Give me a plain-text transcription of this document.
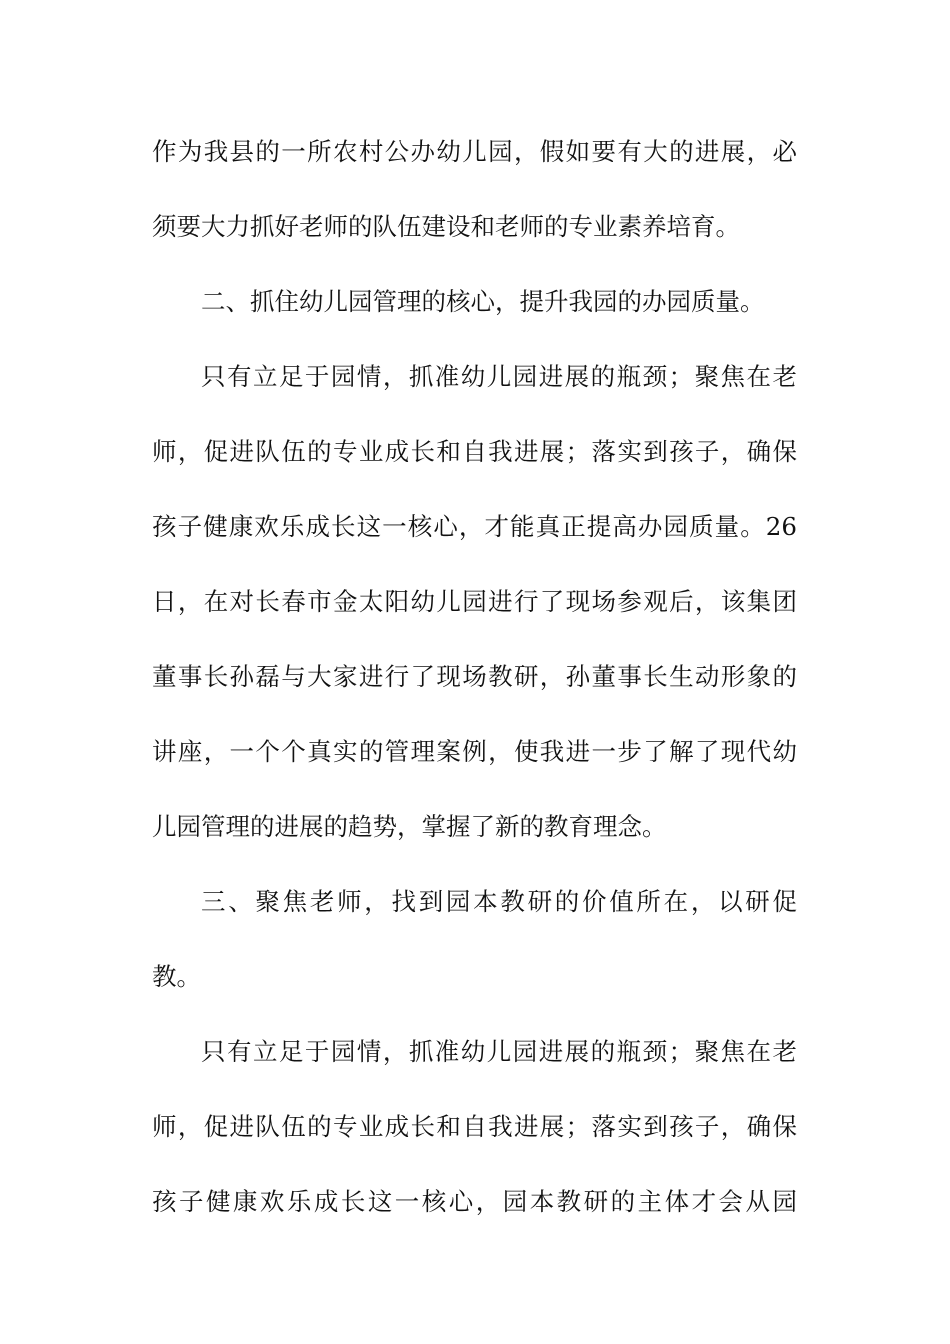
作为我县的一所农村公办幼儿园，假如要有大的进展，必
须要大力抓好老师的队伍建设和老师的专业素养培育。
二、抓住幼儿园管理的核心，提升我园的办园质量。
只有立足于园情，抓准幼儿园进展的瓶颈；聚焦在老
师，促进队伍的专业成长和自我进展；落实到孩子，确保
孩子健康欢乐成长这一核心，才能真正提高办园质量。26
日，在对长春市金太阳幼儿园进行了现场参观后，该集团
董事长孙磊与大家进行了现场教研，孙董事长生动形象的
讲座，一个个真实的管理案例，使我进一步了解了现代幼
儿园管理的进展的趋势，掌握了新的教育理念。
三、聚焦老师，找到园本教研的价值所在，以研促
教。
只有立足于园情，抓准幼儿园进展的瓶颈；聚焦在老
师，促进队伍的专业成长和自我进展；落实到孩子，确保
孩子健康欢乐成长这一核心，园本教研的主体才会从园
